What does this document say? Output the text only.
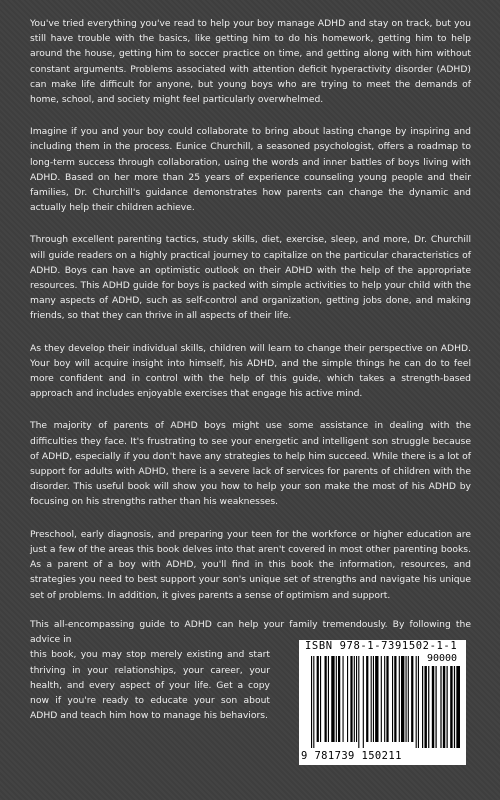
You've tried everything you've read to help your boy manage ADHD and stay on track, but you still have trouble with the basics, like getting him to do his homework, getting him to help around the house, getting him to soccer practice on time, and getting along with him without constant arguments. Problems associated with attention deficit hyperactivity disorder (ADHD) can make life difficult for anyone, but young boys who are trying to meet the demands of home, school, and society might feel particularly overwhelmed.

Imagine if you and your boy could collaborate to bring about lasting change by inspiring and including them in the process. Eunice Churchill, a seasoned psychologist, offers a roadmap to long-term success through collaboration, using the words and inner battles of boys living with ADHD. Based on her more than 25 years of experience counseling young people and their families, Dr. Churchill's guidance demonstrates how parents can change the dynamic and actually help their children achieve.

Through excellent parenting tactics, study skills, diet, exercise, sleep, and more, Dr. Churchill will guide readers on a highly practical journey to capitalize on the particular characteristics of ADHD. Boys can have an optimistic outlook on their ADHD with the help of the appropriate resources. This ADHD guide for boys is packed with simple activities to help your child with the many aspects of ADHD, such as self-control and organization, getting jobs done, and making friends, so that they can thrive in all aspects of their life.

As they develop their individual skills, children will learn to change their perspective on ADHD. Your boy will acquire insight into himself, his ADHD, and the simple things he can do to feel more confident and in control with the help of this guide, which takes a strength-based approach and includes enjoyable exercises that engage his active mind.

The majority of parents of ADHD boys might use some assistance in dealing with the difficulties they face. It's frustrating to see your energetic and intelligent son struggle because of ADHD, especially if you don't have any strategies to help him succeed. While there is a lot of support for adults with ADHD, there is a severe lack of services for parents of children with the disorder. This useful book will show you how to help your son make the most of his ADHD by focusing on his strengths rather than his weaknesses.

Preschool, early diagnosis, and preparing your teen for the workforce or higher education are just a few of the areas this book delves into that aren't covered in most other parenting books. As a parent of a boy with ADHD, you'll find in this book the information, resources, and strategies you need to best support your son's unique set of strengths and navigate his unique set of problems. In addition, it gives parents a sense of optimism and support.

This all-encompassing guide to ADHD can help your family tremendously. By following the advice in

this book, you may stop merely existing and start thriving in your relationships, your career, your health, and every aspect of your life. Get a copy now if you're ready to educate your son about ADHD and teach him how to manage his behaviors.

ISBN 978-1-7391502-1-1
90000
9 781739 150211
